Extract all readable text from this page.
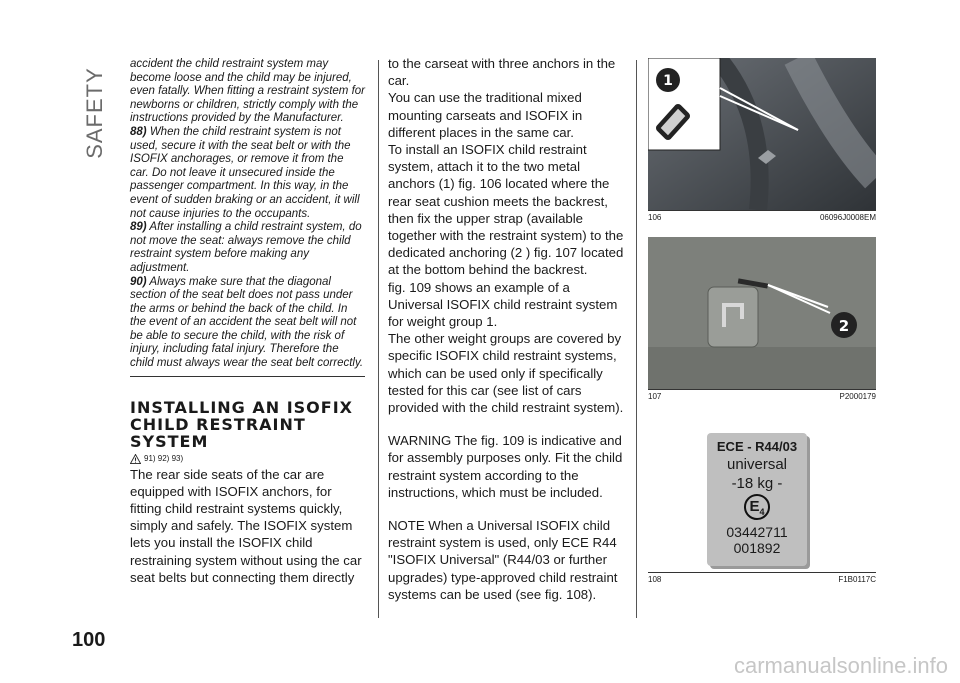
SAFETY
100

accident the child restraint system may become loose and the child may be injured, even fatally. When fitting a restraint system for newborns or children, strictly comply with the instructions provided by the Manufacturer.

88) When the child restraint system is not used, secure it with the seat belt or with the ISOFIX anchorages, or remove it from the car. Do not leave it unsecured inside the passenger compartment. In this way, in the event of sudden braking or an accident, it will not cause injuries to the occupants.

89) After installing a child restraint system, do not move the seat: always remove the child restraint system before making any adjustment.

90) Always make sure that the diagonal section of the seat belt does not pass under the arms or behind the back of the child. In the event of an accident the seat belt will not be able to secure the child, with the risk of injury, including fatal injury. Therefore the child must always wear the seat belt correctly.

INSTALLING AN ISOFIX CHILD RESTRAINT SYSTEM
91) 92) 93)

The rear side seats of the car are equipped with ISOFIX anchors, for fitting child restraint systems quickly, simply and safely. The ISOFIX system lets you install the ISOFIX child restraining system without using the car seat belts but connecting them directly

to the carseat with three anchors in the car.

You can use the traditional mixed mounting carseats and ISOFIX in different places in the same car.

To install an ISOFIX child restraint system, attach it to the two metal anchors (1) fig. 106 located where the rear seat cushion meets the backrest, then fix the upper strap (available together with the restraint system) to the dedicated anchoring (2 ) fig. 107 located at the bottom behind the backrest.

fig. 109 shows an example of a Universal ISOFIX child restraint system for weight group 1.

The other weight groups are covered by specific ISOFIX child restraint systems, which can be used only if specifically tested for this car (see list of cars provided with the child restraint system).

WARNING The fig. 109 is indicative and for assembly purposes only. Fit the child restraint system according to the instructions, which must be included.

NOTE When a Universal ISOFIX child restraint system is used, only ECE R44 "ISOFIX Universal" (R44/03 or further upgrades) type-approved child restraint systems can be used (see fig. 108).

1
106	06096J0008EM
2
107	P2000179
ECE - R44/03
universal
-18 kg -
$E_4$
03442711
001892
108	F1B0117C
carmanualsonline.info
